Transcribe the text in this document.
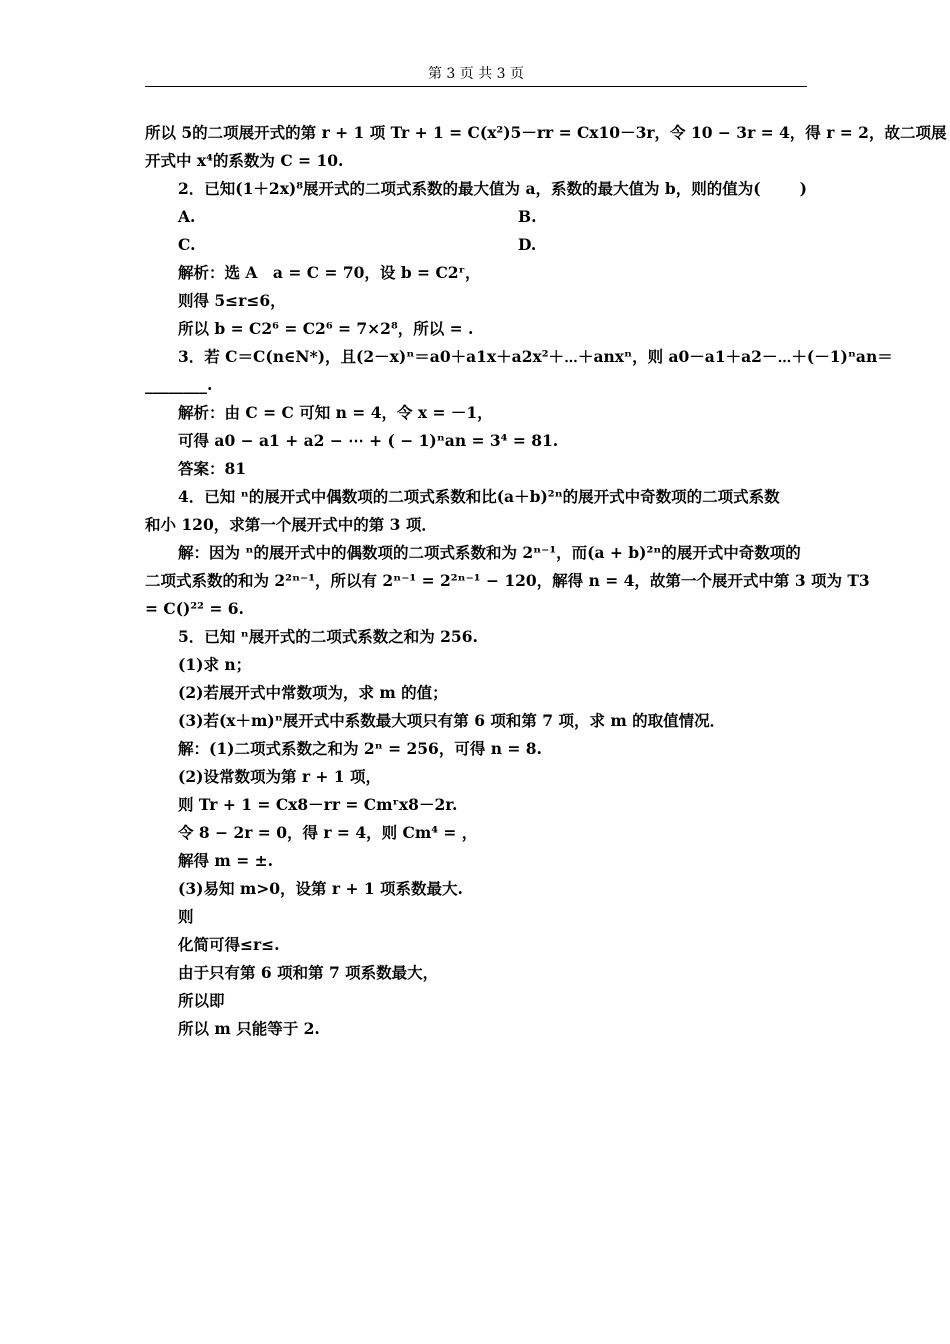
第 3 页 共 3 页
所以 5的二项展开式的第 r + 1 项 Tr + 1 = C(x²)5－rr = Cx10－3r，令 10 − 3r = 4，得 r = 2，故二项展
开式中 x⁴的系数为 C = 10.
2．已知(1＋2x)⁸展开式的二项式系数的最大值为 a，系数的最大值为 b，则的值为(	)
A.	B.
C.	D.
解析：选 A　a = C = 70，设 b = C2ʳ，
则得 5≤r≤6，
所以 b = C2⁶ = C2⁶ = 7×2⁸，所以 = .
3．若 C＝C(n∈N*)，且(2－x)ⁿ＝a0＋a1x＋a2x²＋⋯＋anxⁿ，则 a0－a1＋a2－⋯＋(－1)ⁿan＝
________.
解析：由 C = C 可知 n = 4，令 x = －1，
可得 a0 − a1 + a2 − ⋯ + ( − 1)ⁿan = 3⁴ = 81.
答案：81
4．已知 ⁿ的展开式中偶数项的二项式系数和比(a＋b)²ⁿ的展开式中奇数项的二项式系数
和小 120，求第一个展开式中的第 3 项．
解：因为 ⁿ的展开式中的偶数项的二项式系数和为 2ⁿ⁻¹，而(a + b)²ⁿ的展开式中奇数项的
二项式系数的和为 2²ⁿ⁻¹，所以有 2ⁿ⁻¹ = 2²ⁿ⁻¹ − 120，解得 n = 4，故第一个展开式中第 3 项为 T3
= C()²² = 6.
5．已知 ⁿ展开式的二项式系数之和为 256.
(1)求 n；
(2)若展开式中常数项为，求 m 的值；
(3)若(x＋m)ⁿ展开式中系数最大项只有第 6 项和第 7 项，求 m 的取值情况．
解：(1)二项式系数之和为 2ⁿ = 256，可得 n = 8.
(2)设常数项为第 r + 1 项，
则 Tr + 1 = Cx8－rr = Cmʳx8－2r.
令 8 − 2r = 0，得 r = 4，则 Cm⁴ = ，
解得 m = ±.
(3)易知 m>0，设第 r + 1 项系数最大.
则
化简可得≤r≤.
由于只有第 6 项和第 7 项系数最大，
所以即
所以 m 只能等于 2.
